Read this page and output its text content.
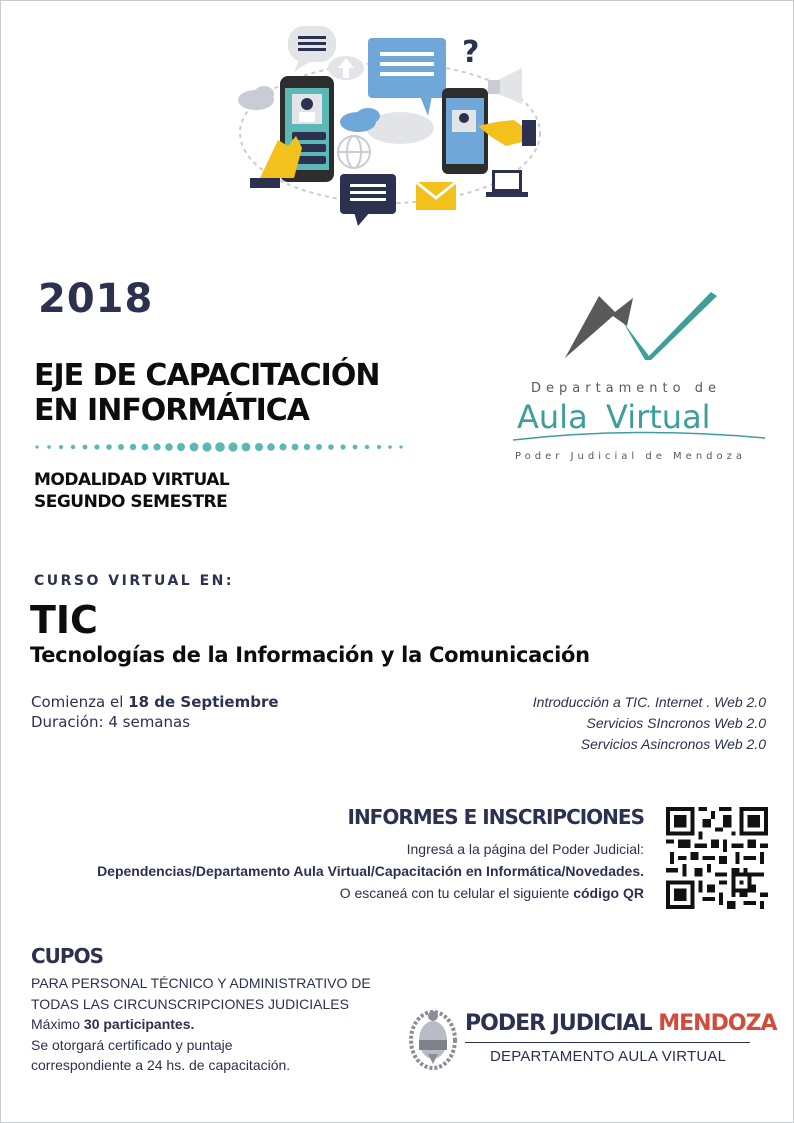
?
2018
EJE DE CAPACITACIÓN
EN INFORMÁTICA
MODALIDAD VIRTUAL
SEGUNDO SEMESTRE
Departamento de
Aula Virtual
Poder Judicial de Mendoza
CURSO VIRTUAL EN:
TIC
Tecnologías de la Información y la Comunicación
Comienza el 18 de Septiembre
Duración: 4 semanas
Introducción a TIC. Internet . Web 2.0
Servicios SIncronos Web 2.0
Servicios Asincronos Web 2.0
INFORMES E INSCRIPCIONES
Ingresá a la página del Poder Judicial:
Dependencias/Departamento Aula Virtual/Capacitación en Informática/Novedades.
O escaneá con tu celular el siguiente código QR
CUPOS
PARA PERSONAL TÉCNICO Y ADMINISTRATIVO DE
TODAS LAS CIRCUNSCRIPCIONES JUDICIALES
Máximo 30 participantes.
Se otorgará certificado y puntaje
correspondiente a 24 hs. de capacitación.
PODER JUDICIAL MENDOZA
DEPARTAMENTO AULA VIRTUAL
